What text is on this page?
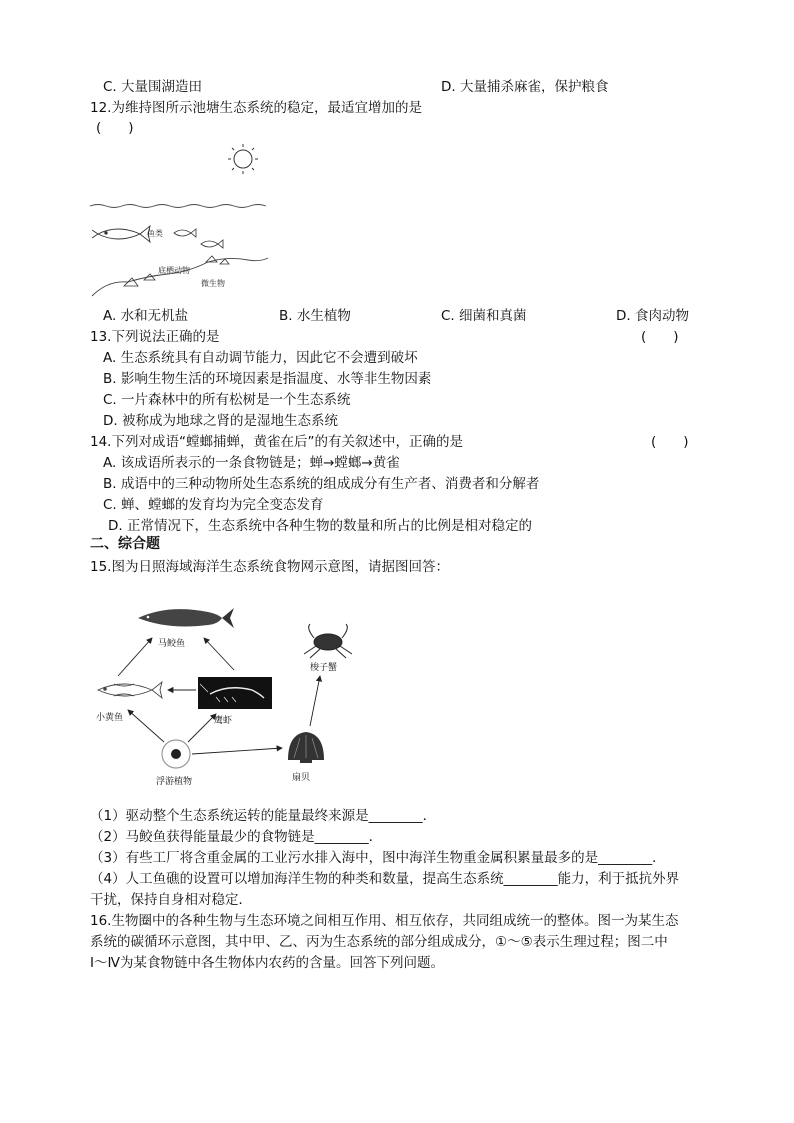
C. 大量围湖造田	D. 大量捕杀麻雀，保护粮食
12.为维持图所示池塘生态系统的稳定，最适宜增加的是
(　　)
鱼类
底栖动物
微生物
A. 水和无机盐	B. 水生植物	C. 细菌和真菌	D. 食肉动物
13.下列说法正确的是	(　　)
A. 生态系统具有自动调节能力，因此它不会遭到破坏
B. 影响生物生活的环境因素是指温度、水等非生物因素
C. 一片森林中的所有松树是一个生态系统
D. 被称成为地球之肾的是湿地生态系统
14.下列对成语“螳螂捕蝉，黄雀在后”的有关叙述中，正确的是	(　　)
A. 该成语所表示的一条食物链是；蝉→螳螂→黄雀
B. 成语中的三种动物所处生态系统的组成成分有生产者、消费者和分解者
C. 蝉、螳螂的发育均为完全变态发育
D. 正常情况下，生态系统中各种生物的数量和所占的比例是相对稳定的
二、综合题
15.图为日照海域海洋生态系统食物网示意图，请据图回答：
马鲛鱼
梭子蟹
小黄鱼	鹰虾
浮游植物	扇贝
（1）驱动整个生态系统运转的能量最终来源是________．
（2）马鲛鱼获得能量最少的食物链是________．
（3）有些工厂将含重金属的工业污水排入海中，图中海洋生物重金属积累量最多的是________．
（4）人工鱼礁的设置可以增加海洋生物的种类和数量，提高生态系统________能力，利于抵抗外界
干扰，保持自身相对稳定．
16.生物圈中的各种生物与生态环境之间相互作用、相互依存，共同组成统一的整体。图一为某生态
系统的碳循环示意图，其中甲、乙、丙为生态系统的部分组成成分，①～⑤表示生理过程；图二中
Ⅰ～Ⅳ为某食物链中各生物体内农药的含量。回答下列问题。
